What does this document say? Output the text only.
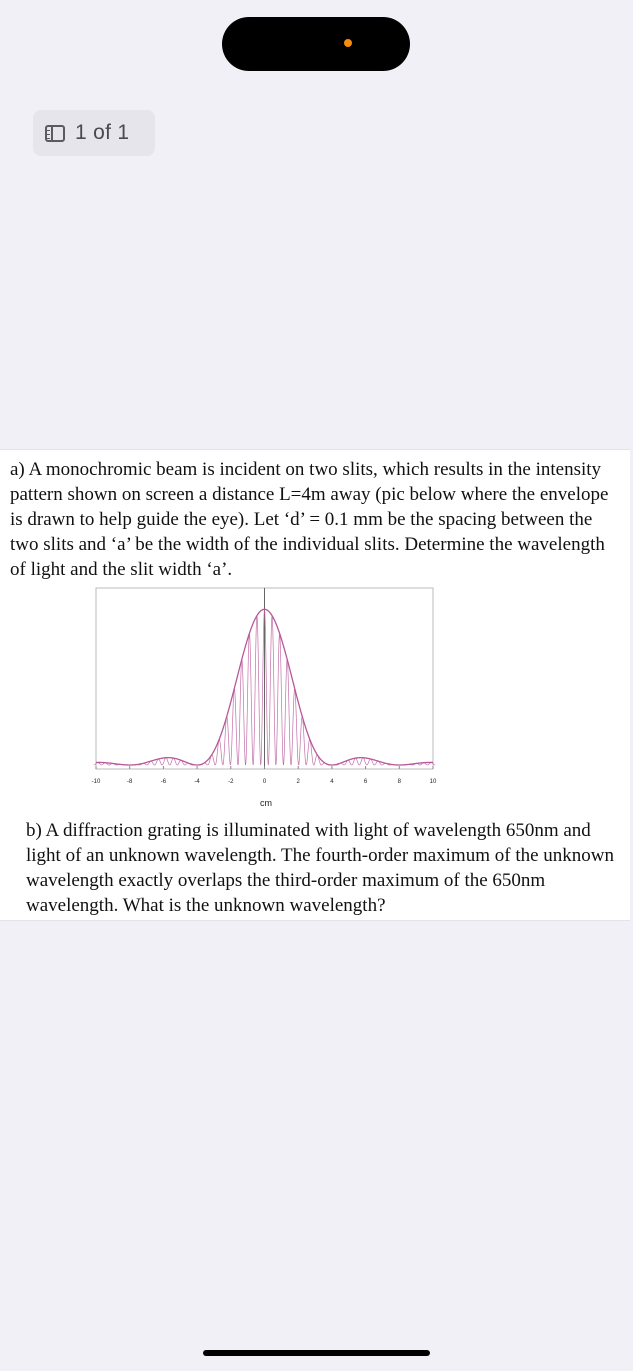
1 of 1
a) A monochromic beam is incident on two slits, which results in the intensity pattern shown on screen a distance L=4m away (pic below where the envelope is drawn to help guide the eye). Let ‘d’ = 0.1 mm be the spacing between the two slits and ‘a’ be the width of the individual slits. Determine the wavelength of light and the slit width ‘a’.
-10	-8	-6	-4	-2	0	2	4	6	8	10
cm
b) A diffraction grating is illuminated with light of wavelength 650nm and light of an unknown wavelength. The fourth-order maximum of the unknown wavelength exactly overlaps the third-order maximum of the 650nm wavelength. What is the unknown wavelength?
